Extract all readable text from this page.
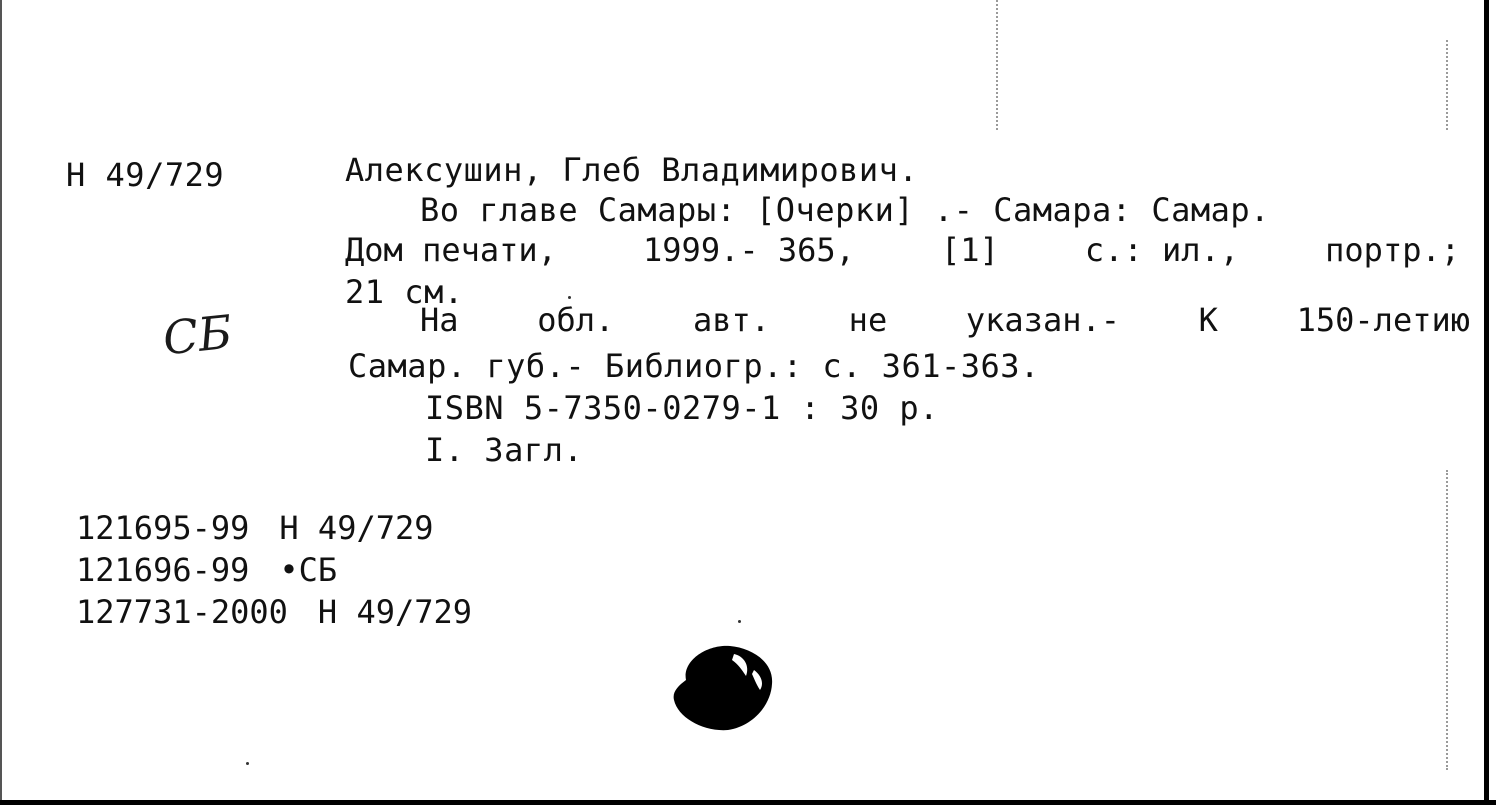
Н 49/729	Алексушин, Глеб Владимирович.
Во главе Самары: [Очерки] .- Самара: Самар.
Дом печати,	1999.- 365,	[1]	с.: ил.,	портр.;
21 см.
На обл. авт. не указан.- К 150-летию
Самар. губ.- Библиогр.: с. 361-363.
ISBN 5-7350-0279-1 : 30 р.
I. Загл.
СБ
121695-99 Н 49/729
121696-99 •СБ
127731-2000 Н 49/729
